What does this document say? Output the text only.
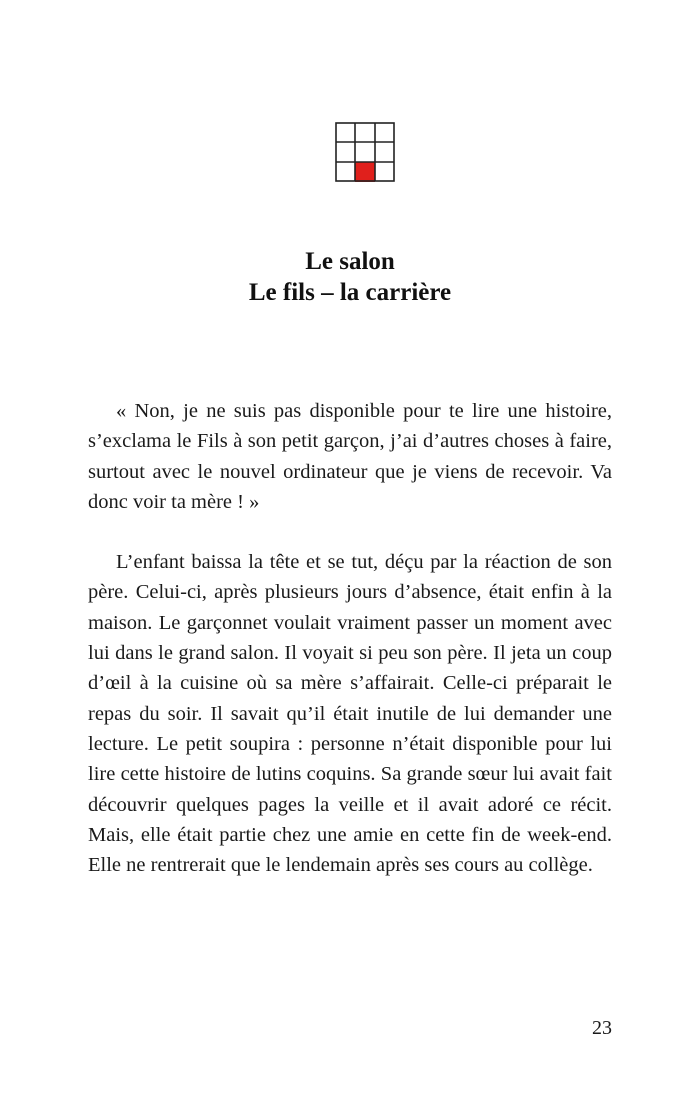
Le salon
Le fils – la carrière

« Non, je ne suis pas disponible pour te lire une histoire, s’exclama le Fils à son petit garçon, j’ai d’autres choses à faire, surtout avec le nouvel ordinateur que je viens de recevoir. Va donc voir ta mère ! »

L’enfant baissa la tête et se tut, déçu par la réaction de son père. Celui-ci, après plusieurs jours d’absence, était enfin à la maison. Le garçonnet voulait vraiment passer un moment avec lui dans le grand salon. Il voyait si peu son père. Il jeta un coup d’œil à la cuisine où sa mère s’affairait. Celle-ci préparait le repas du soir. Il savait qu’il était inutile de lui demander une lecture. Le petit soupira : personne n’était disponible pour lui lire cette histoire de lutins coquins. Sa grande sœur lui avait fait découvrir quelques pages la veille et il avait adoré ce récit. Mais, elle était partie chez une amie en cette fin de week-end. Elle ne rentrerait que le lendemain après ses cours au collège.

23
